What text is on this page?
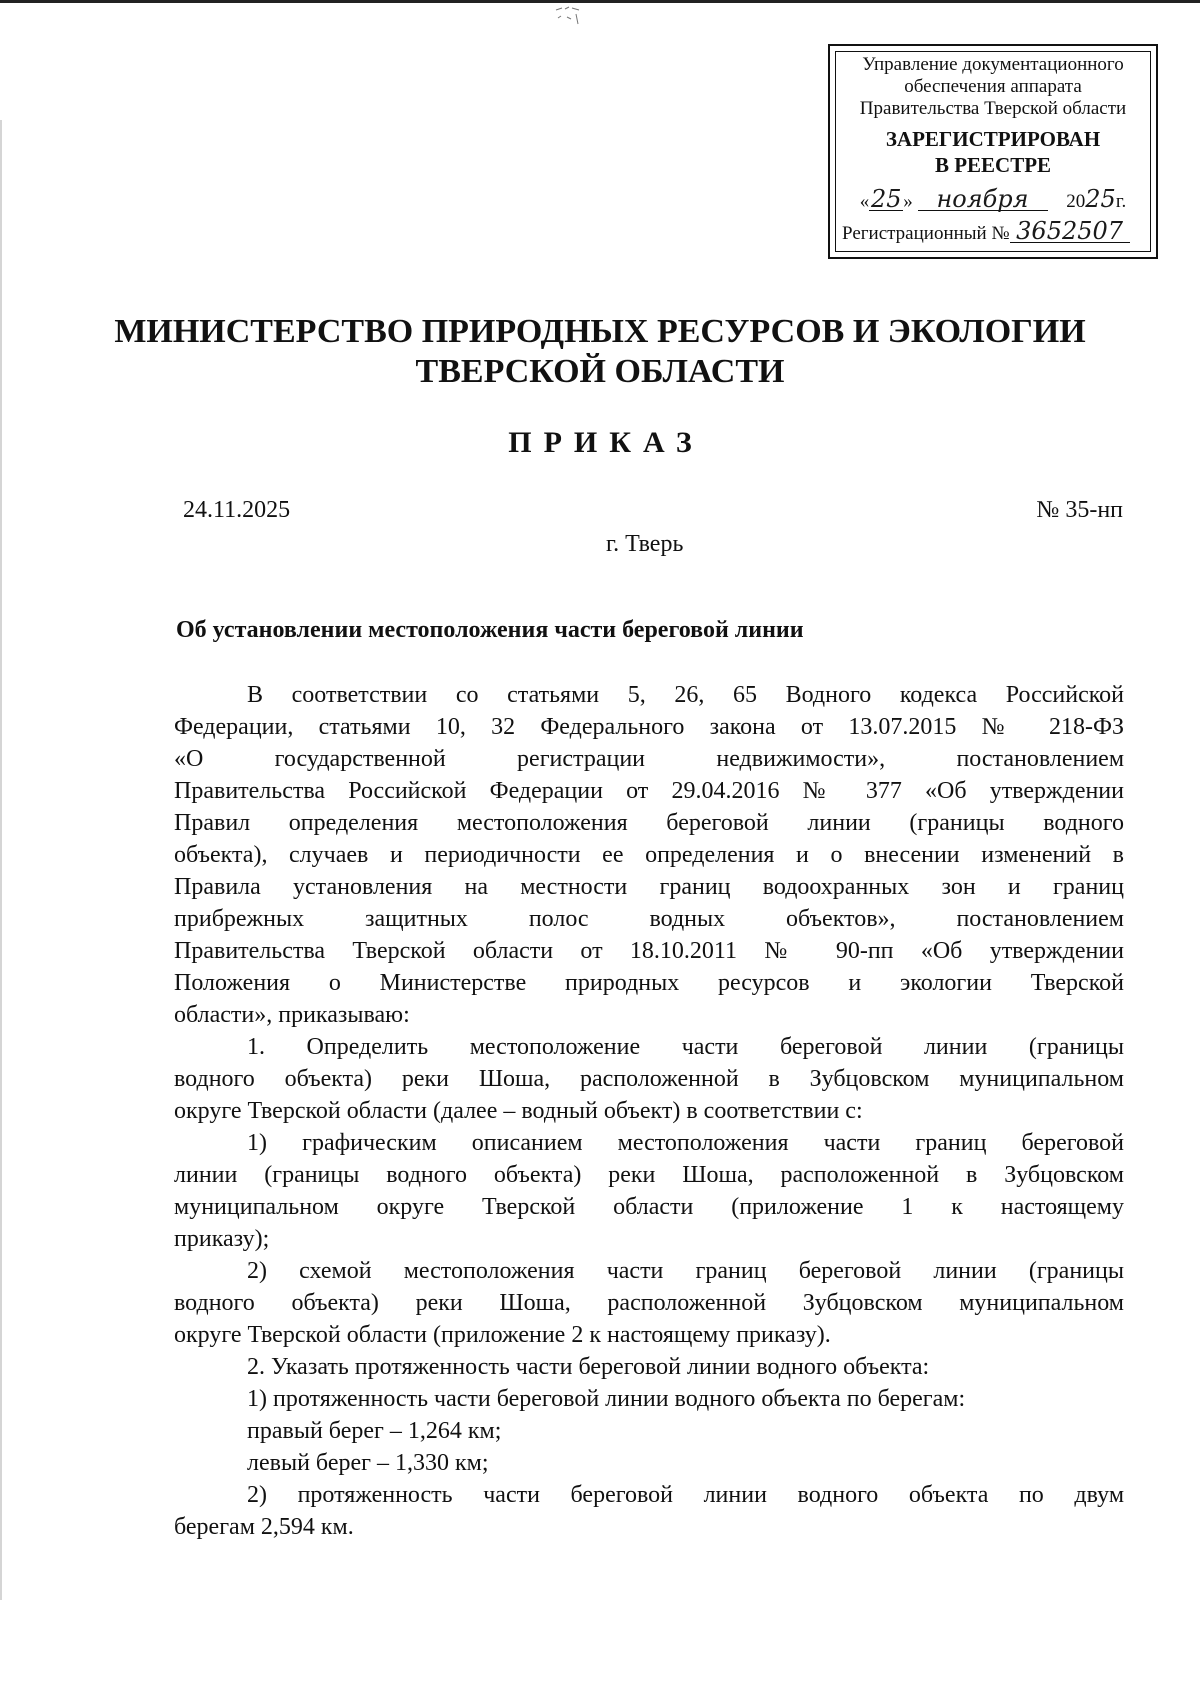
Управление документационного
обеспечения аппарата
Правительства Тверской области
ЗАРЕГИСТРИРОВАН
В РЕЕСТРЕ
«25» ноября 2025г.
Регистрационный № 3652507
МИНИСТЕРСТВО ПРИРОДНЫХ РЕСУРСОВ И ЭКОЛОГИИ
ТВЕРСКОЙ ОБЛАСТИ
ПРИКАЗ
24.11.2025	№ 35-нп
г. Тверь
Об установлении местоположения части береговой линии
В соответствии со статьями 5, 26, 65 Водного кодекса Российской
Федерации, статьями 10, 32 Федерального закона от 13.07.2015 № 218-ФЗ
«О государственной регистрации недвижимости», постановлением
Правительства Российской Федерации от 29.04.2016 № 377 «Об утверждении
Правил определения местоположения береговой линии (границы водного
объекта), случаев и периодичности ее определения и о внесении изменений в
Правила установления на местности границ водоохранных зон и границ
прибрежных защитных полос водных объектов», постановлением
Правительства Тверской области от 18.10.2011 № 90-пп «Об утверждении
Положения о Министерстве природных ресурсов и экологии Тверской
области», приказываю:
1. Определить местоположение части береговой линии (границы
водного объекта) реки Шоша, расположенной в Зубцовском муниципальном
округе Тверской области (далее – водный объект) в соответствии с:
1) графическим описанием местоположения части границ береговой
линии (границы водного объекта) реки Шоша, расположенной в Зубцовском
муниципальном округе Тверской области (приложение 1 к настоящему
приказу);
2) схемой местоположения части границ береговой линии (границы
водного объекта) реки Шоша, расположенной Зубцовском муниципальном
округе Тверской области (приложение 2 к настоящему приказу).
2. Указать протяженность части береговой линии водного объекта:
1) протяженность части береговой линии водного объекта по берегам:
правый берег – 1,264 км;
левый берег – 1,330 км;
2) протяженность части береговой линии водного объекта по двум
берегам 2,594 км.
